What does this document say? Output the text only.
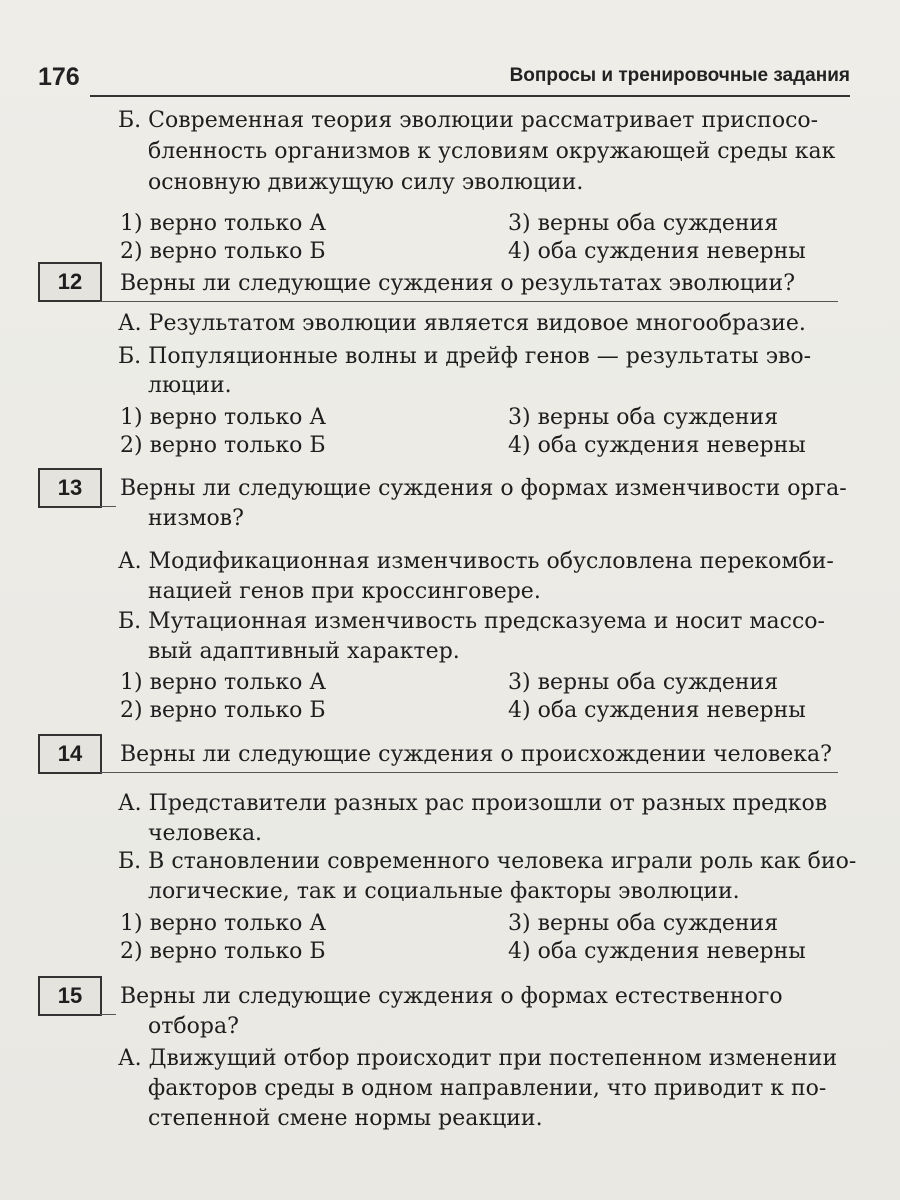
176	Вопросы и тренировочные задания
Б. Современная теория эволюции рассматривает приспосо-
бленность организмов к условиям окружающей среды как
основную движущую силу эволюции.
1) верно только А	3) верны оба суждения
2) верно только Б	4) оба суждения неверны
12	Верны ли следующие суждения о результатах эволюции?
А. Результатом эволюции является видовое многообразие.
Б. Популяционные волны и дрейф генов — результаты эво-
люции.
1) верно только А	3) верны оба суждения
2) верно только Б	4) оба суждения неверны
13	Верны ли следующие суждения о формах изменчивости орга-
низмов?
А. Модификационная изменчивость обусловлена перекомби-
нацией генов при кроссинговере.
Б. Мутационная изменчивость предсказуема и носит массо-
вый адаптивный характер.
1) верно только А	3) верны оба суждения
2) верно только Б	4) оба суждения неверны
14	Верны ли следующие суждения о происхождении человека?
А. Представители разных рас произошли от разных предков
человека.
Б. В становлении современного человека играли роль как био-
логические, так и социальные факторы эволюции.
1) верно только А	3) верны оба суждения
2) верно только Б	4) оба суждения неверны
15	Верны ли следующие суждения о формах естественного
отбора?
А. Движущий отбор происходит при постепенном изменении
факторов среды в одном направлении, что приводит к по-
степенной смене нормы реакции.
